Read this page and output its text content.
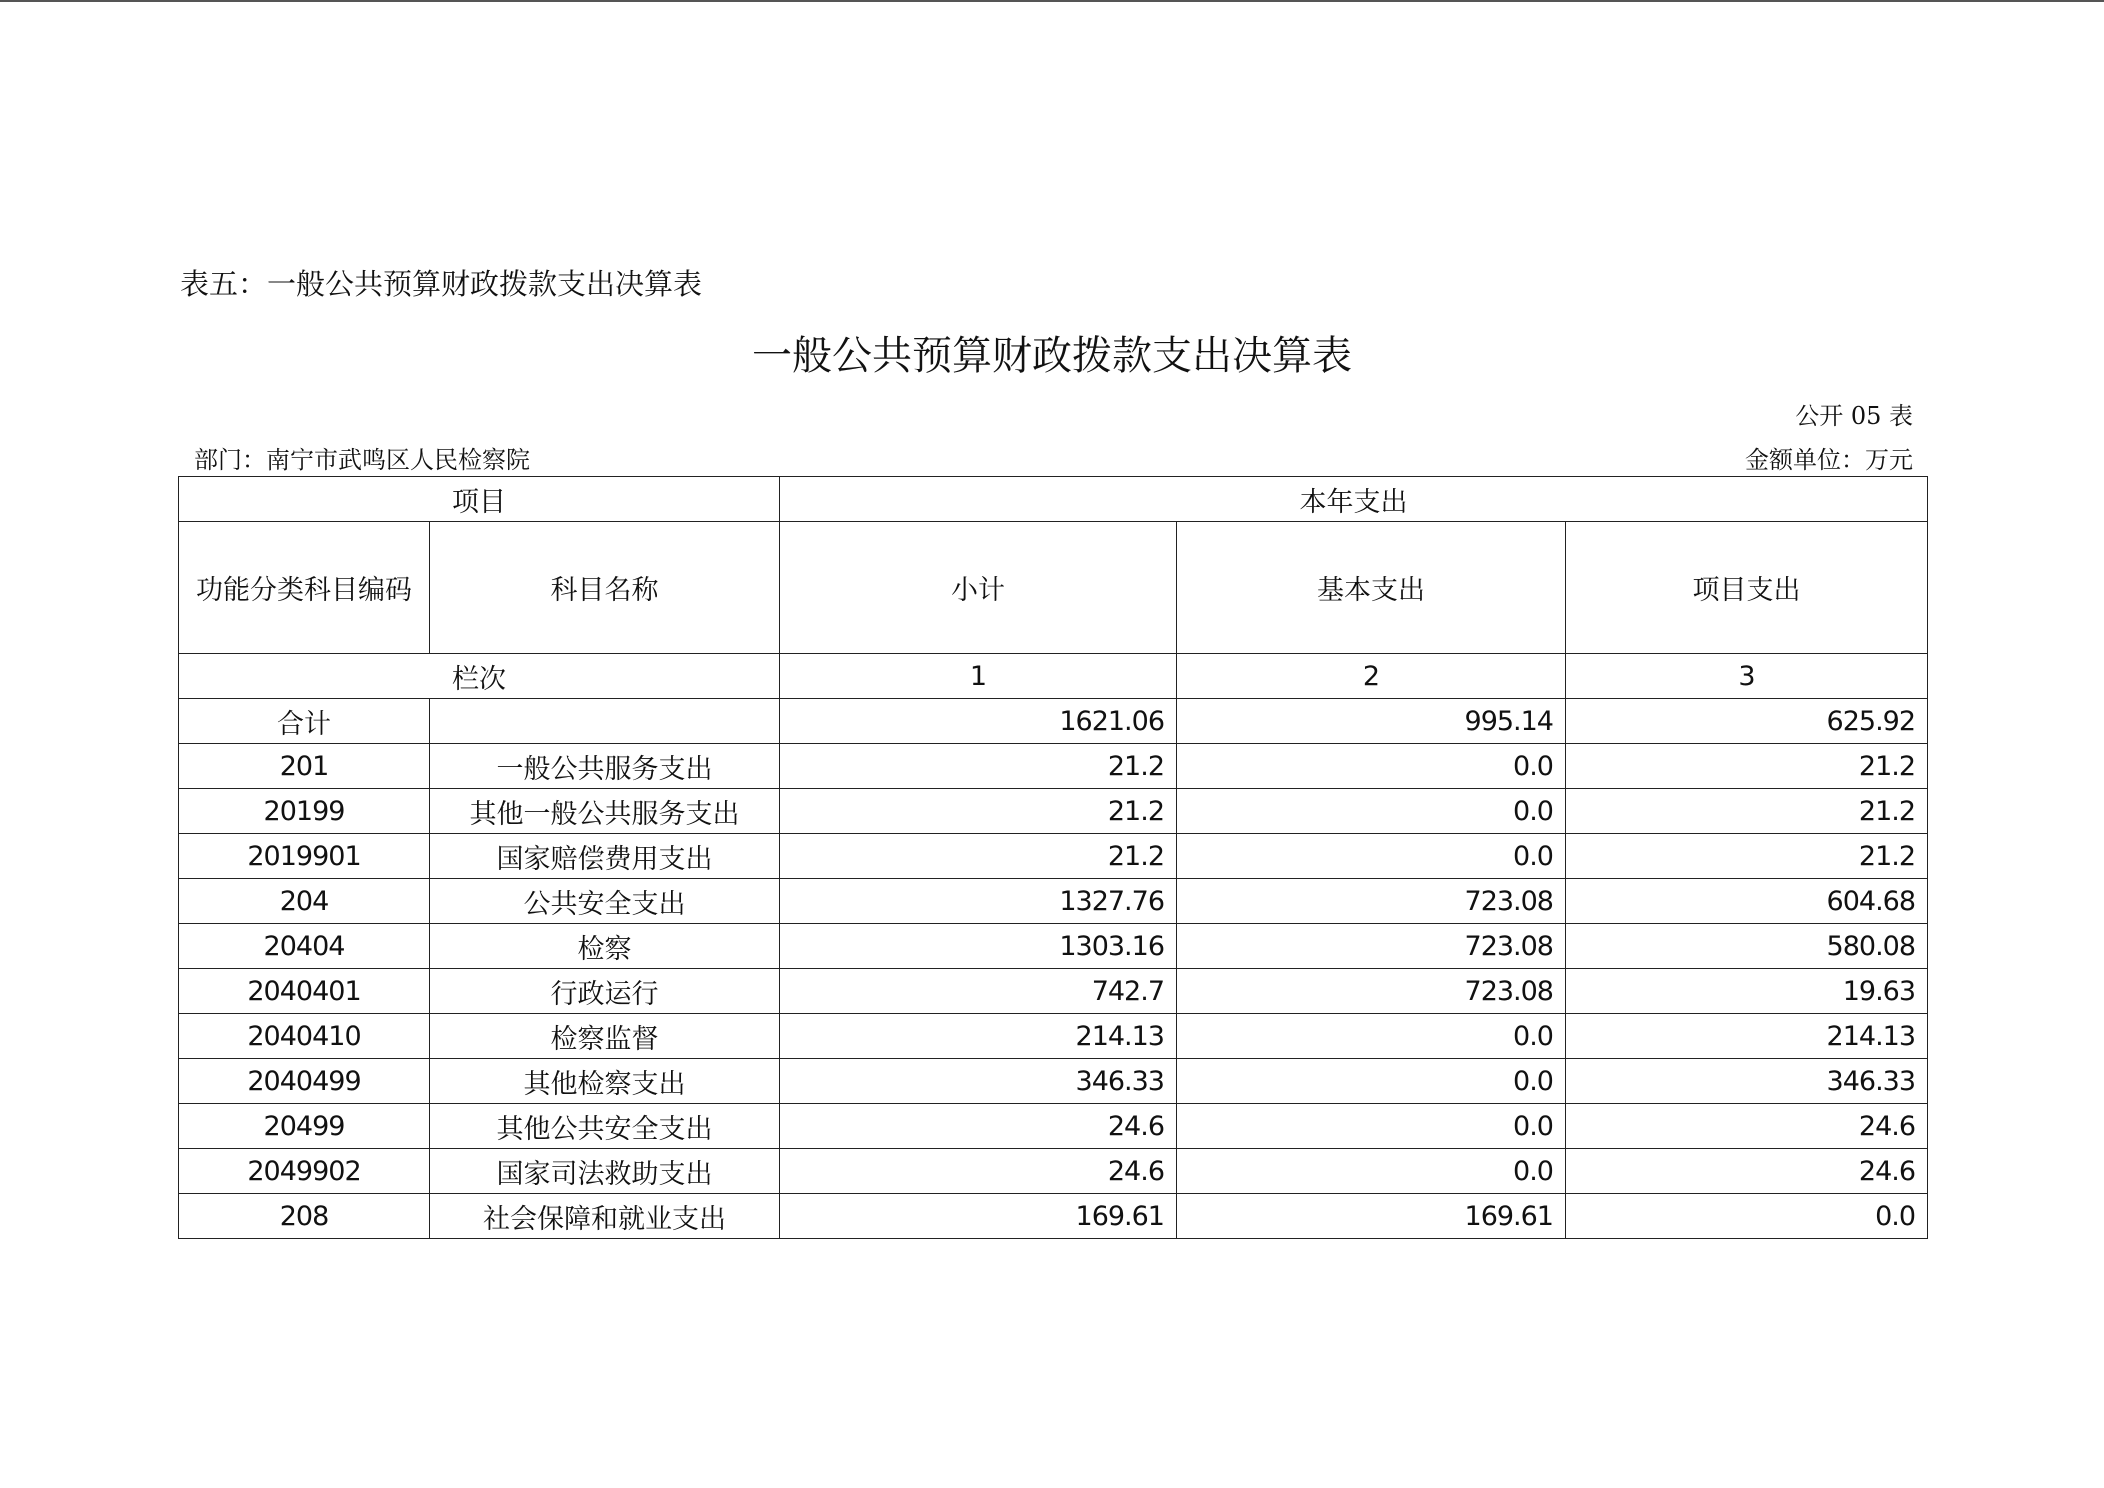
表五：一般公共预算财政拨款支出决算表
一般公共预算财政拨款支出决算表
公开 05 表
部门：南宁市武鸣区人民检察院	金额单位：万元
项目		本年支出		
功能分类科目编码	科目名称	小计	基本支出	项目支出
栏次		1	2	3
合计		1621.06	995.14	625.92
201	一般公共服务支出	21.2	0.0	21.2
20199	其他一般公共服务支出	21.2	0.0	21.2
2019901	国家赔偿费用支出	21.2	0.0	21.2
204	公共安全支出	1327.76	723.08	604.68
20404	检察	1303.16	723.08	580.08
2040401	行政运行	742.7	723.08	19.63
2040410	检察监督	214.13	0.0	214.13
2040499	其他检察支出	346.33	0.0	346.33
20499	其他公共安全支出	24.6	0.0	24.6
2049902	国家司法救助支出	24.6	0.0	24.6
208	社会保障和就业支出	169.61	169.61	0.0
